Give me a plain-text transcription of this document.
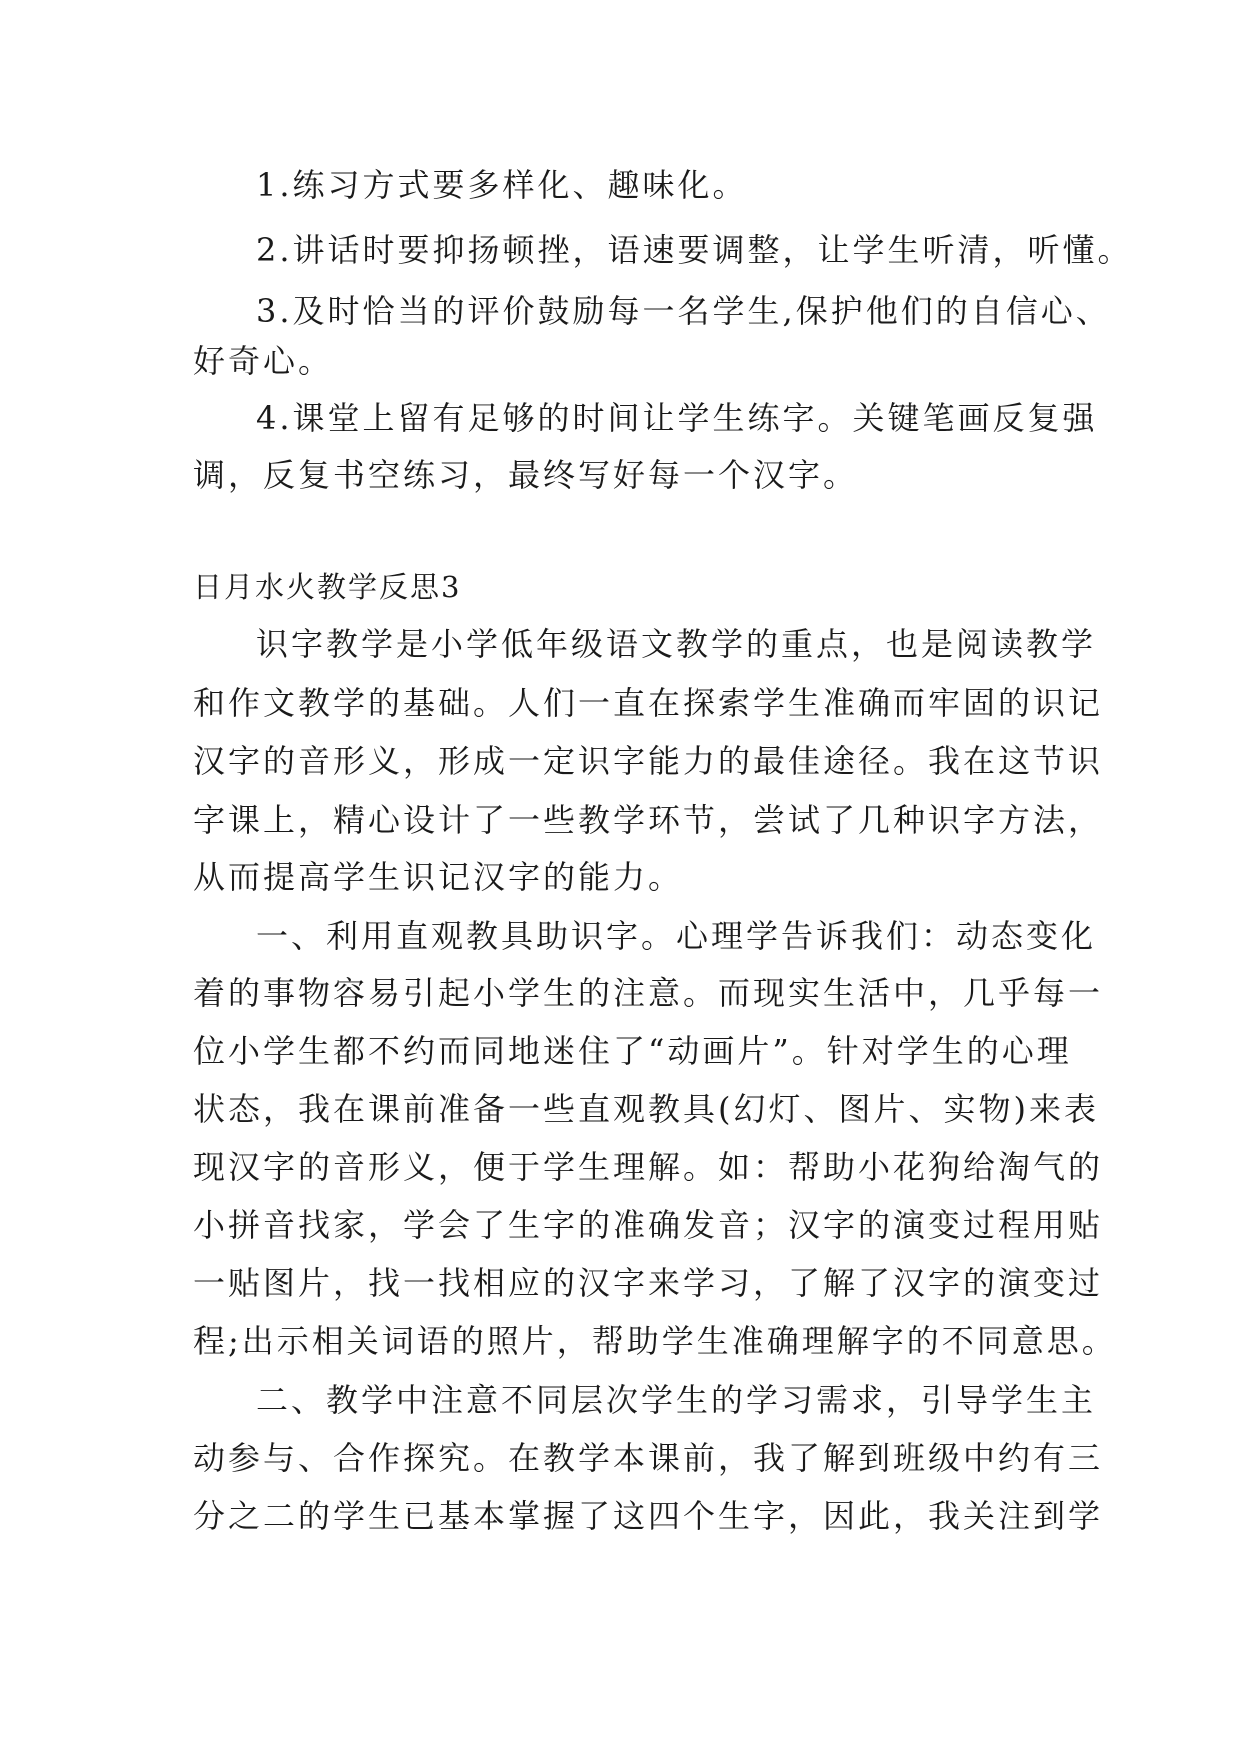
1.练习方式要多样化、趣味化。
2.讲话时要抑扬顿挫，语速要调整，让学生听清，听懂。
3.及时恰当的评价鼓励每一名学生,保护他们的自信心、
好奇心。
4.课堂上留有足够的时间让学生练字。关键笔画反复强
调，反复书空练习，最终写好每一个汉字。
日月水火教学反思3
识字教学是小学低年级语文教学的重点，也是阅读教学
和作文教学的基础。人们一直在探索学生准确而牢固的识记
汉字的音形义，形成一定识字能力的最佳途径。我在这节识
字课上，精心设计了一些教学环节，尝试了几种识字方法，
从而提高学生识记汉字的能力。
一、利用直观教具助识字。心理学告诉我们：动态变化
着的事物容易引起小学生的注意。而现实生活中，几乎每一
位小学生都不约而同地迷住了“动画片”。针对学生的心理
状态，我在课前准备一些直观教具(幻灯、图片、实物)来表
现汉字的音形义，便于学生理解。如：帮助小花狗给淘气的
小拼音找家，学会了生字的准确发音；汉字的演变过程用贴
一贴图片，找一找相应的汉字来学习，了解了汉字的演变过
程;出示相关词语的照片，帮助学生准确理解字的不同意思。
二、教学中注意不同层次学生的学习需求，引导学生主
动参与、合作探究。在教学本课前，我了解到班级中约有三
分之二的学生已基本掌握了这四个生字，因此，我关注到学
